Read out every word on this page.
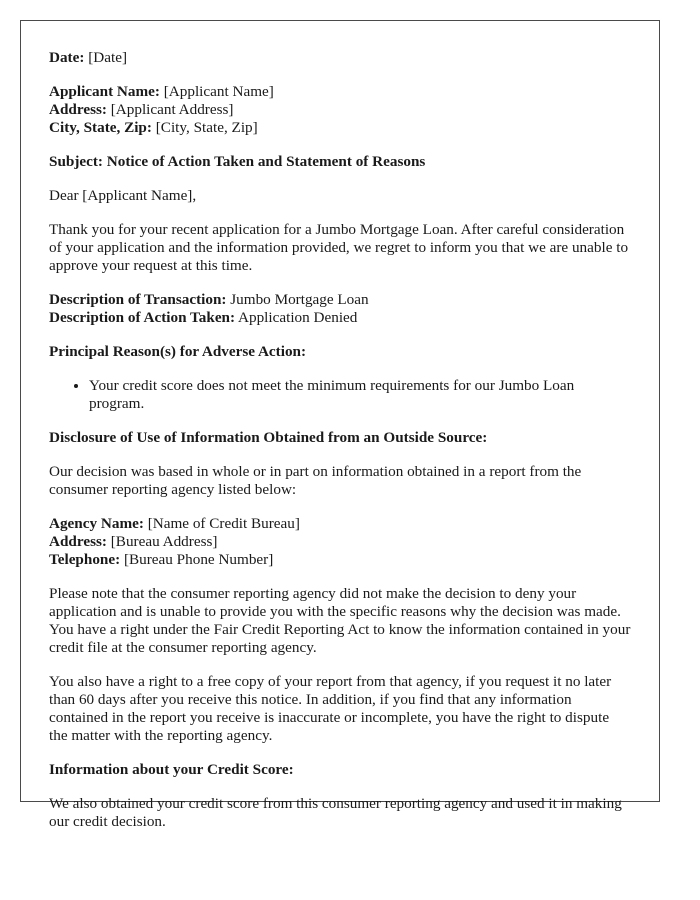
Date: [Date]

Applicant Name: [Applicant Name]
Address: [Applicant Address]
City, State, Zip: [City, State, Zip]

Subject: Notice of Action Taken and Statement of Reasons

Dear [Applicant Name],

Thank you for your recent application for a Jumbo Mortgage Loan. After careful consideration of your application and the information provided, we regret to inform you that we are unable to approve your request at this time.

Description of Transaction: Jumbo Mortgage Loan
Description of Action Taken: Application Denied

Principal Reason(s) for Adverse Action:

• Your credit score does not meet the minimum requirements for our Jumbo Loan program.

Disclosure of Use of Information Obtained from an Outside Source:

Our decision was based in whole or in part on information obtained in a report from the consumer reporting agency listed below:

Agency Name: [Name of Credit Bureau]
Address: [Bureau Address]
Telephone: [Bureau Phone Number]

Please note that the consumer reporting agency did not make the decision to deny your application and is unable to provide you with the specific reasons why the decision was made. You have a right under the Fair Credit Reporting Act to know the information contained in your credit file at the consumer reporting agency.

You also have a right to a free copy of your report from that agency, if you request it no later than 60 days after you receive this notice. In addition, if you find that any information contained in the report you receive is inaccurate or incomplete, you have the right to dispute the matter with the reporting agency.

Information about your Credit Score:

We also obtained your credit score from this consumer reporting agency and used it in making our credit decision.
